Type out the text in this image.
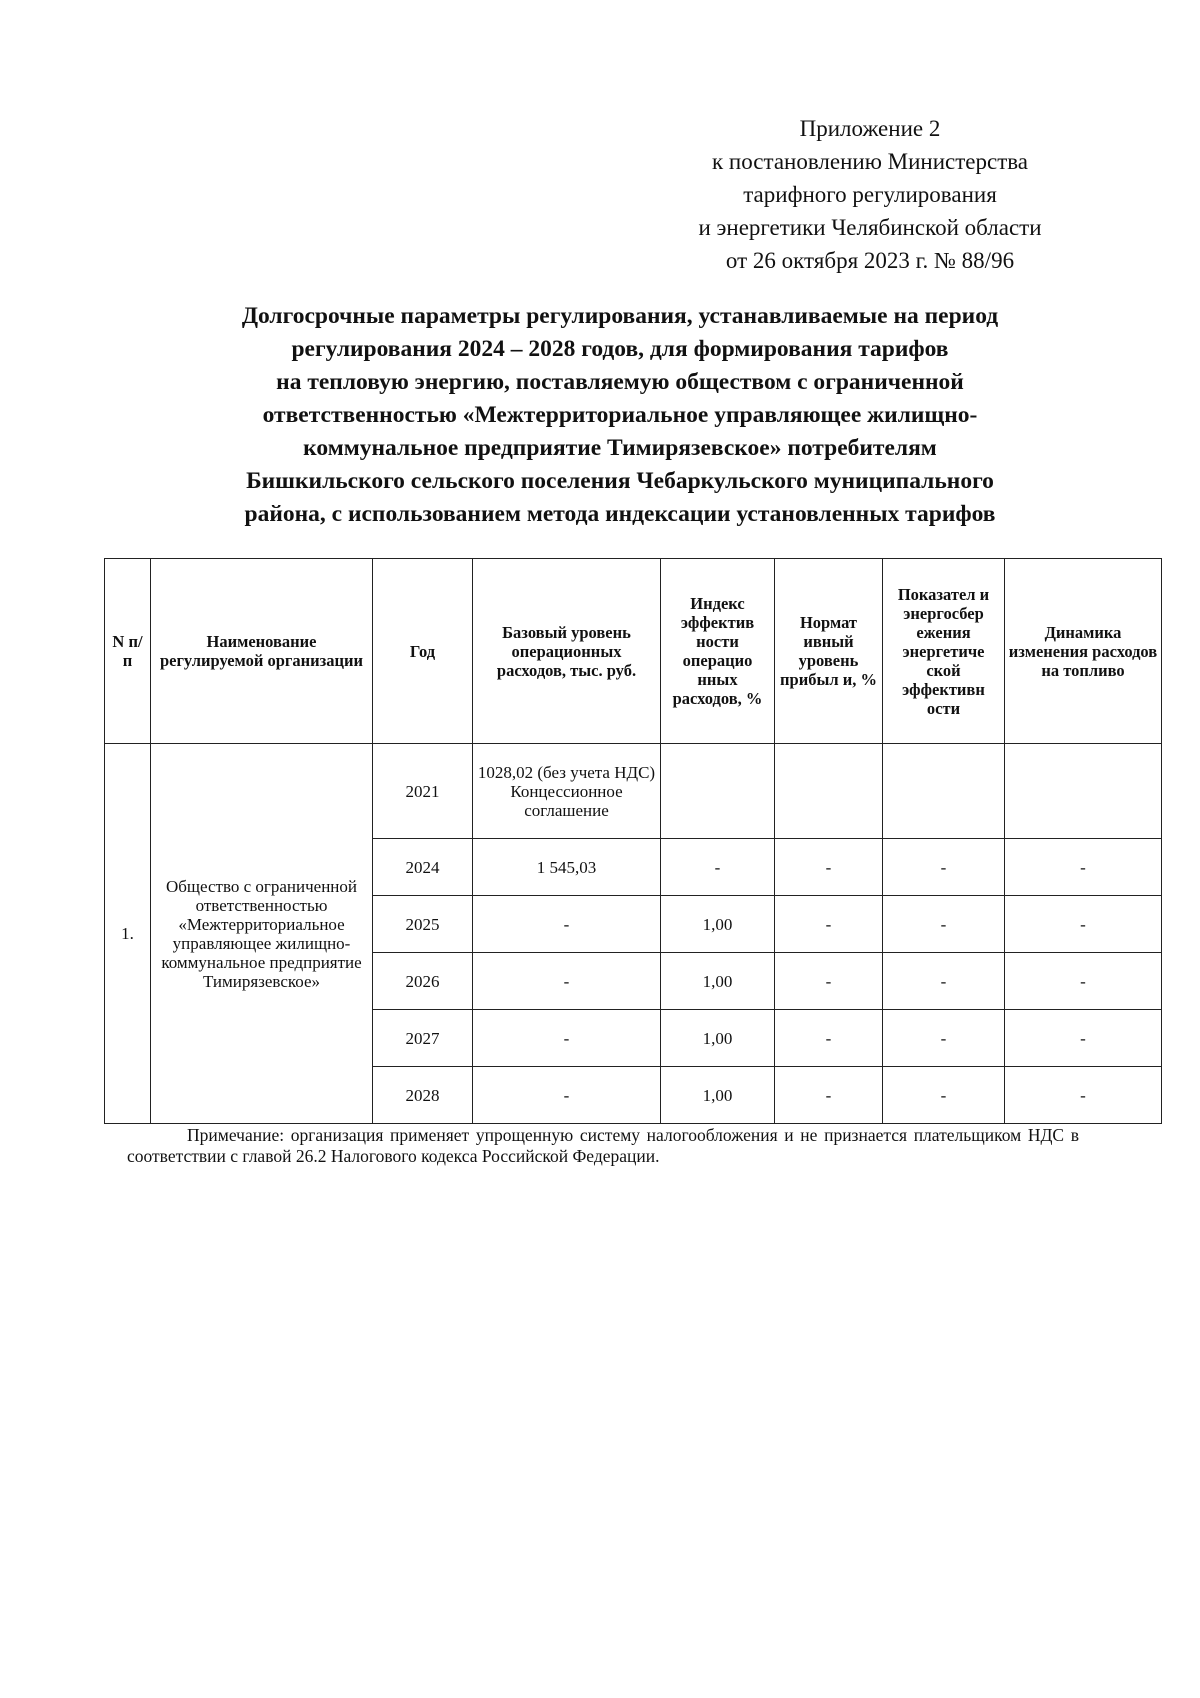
Приложение 2
к постановлению Министерства
тарифного регулирования
и энергетики Челябинской области
от 26 октября 2023 г. № 88/96
Долгосрочные параметры регулирования, устанавливаемые на период
регулирования 2024 – 2028 годов, для формирования тарифов
на тепловую энергию, поставляемую обществом с ограниченной
ответственностью «Межтерриториальное управляющее жилищно-
коммунальное предприятие Тимирязевское» потребителям
Бишкильского сельского поселения Чебаркульского муниципального
района, с использованием метода индексации установленных тарифов
N п/ п	Наименование регулируемой организации	Год	Базовый уровень операционных расходов, тыс. руб.	Индекс эффектив ности операцио нных расходов, %	Нормат ивный уровень прибыл и, %	Показател и энергосбер ежения энергетиче ской эффективн ости	Динамика изменения расходов на топливо
1.	Общество с ограниченной ответственностью «Межтерриториальное управляющее жилищно-коммунальное предприятие Тимирязевское»	2021	1028,02 (без учета НДС) Концессионное соглашение				
		2024	1 545,03	-	-	-	-
		2025	-	1,00	-	-	-
		2026	-	1,00	-	-	-
		2027	-	1,00	-	-	-
		2028	-	1,00	-	-	-
Примечание: организация применяет упрощенную систему налогообложения и не признается плательщиком НДС в соответствии с главой 26.2 Налогового кодекса Российской Федерации.
